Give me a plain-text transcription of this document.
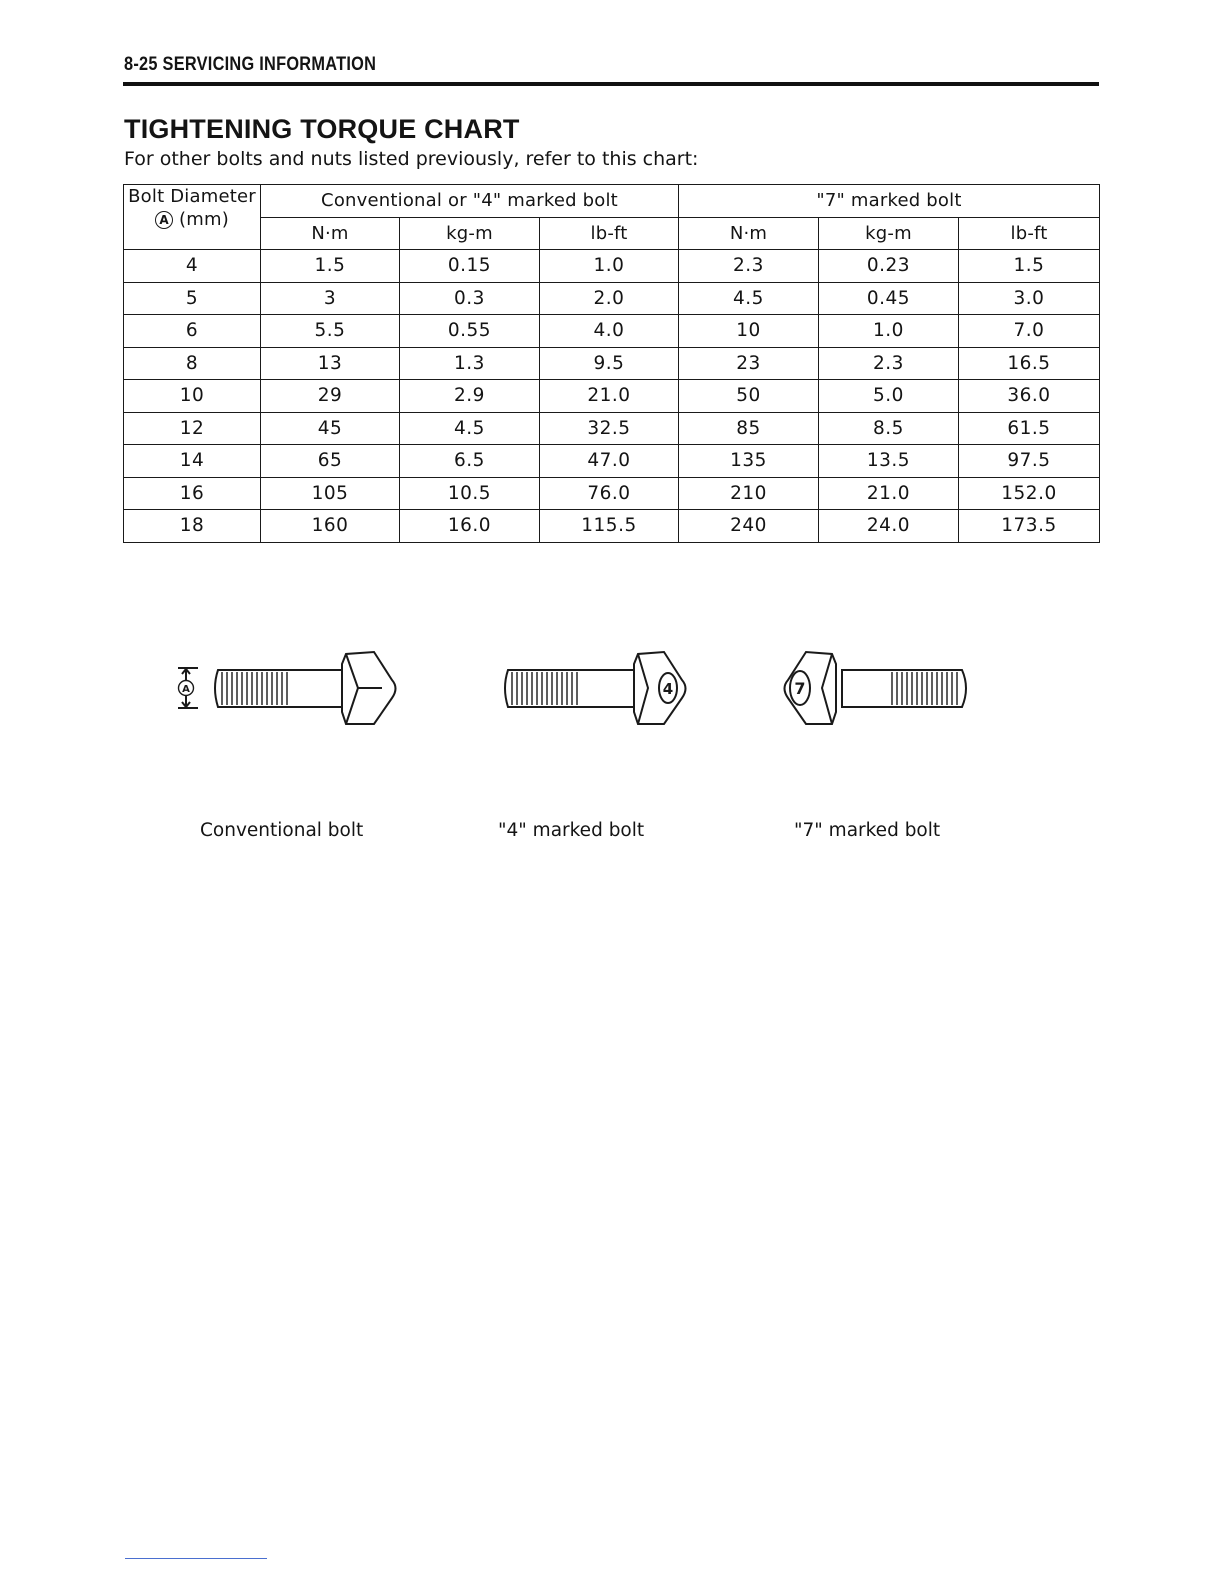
8-25 SERVICING INFORMATION
TIGHTENING TORQUE CHART
For other bolts and nuts listed previously, refer to this chart:
Bolt Diameter
A (mm)	Conventional or "4" marked bolt			"7" marked bolt		
	N·m	kg-m	lb-ft	N·m	kg-m	lb-ft
4	1.5	0.15	1.0	2.3	0.23	1.5
5	3	0.3	2.0	4.5	0.45	3.0
6	5.5	0.55	4.0	10	1.0	7.0
8	13	1.3	9.5	23	2.3	16.5
10	29	2.9	21.0	50	5.0	36.0
12	45	4.5	32.5	85	8.5	61.5
14	65	6.5	47.0	135	13.5	97.5
16	105	10.5	76.0	210	21.0	152.0
18	160	16.0	115.5	240	24.0	173.5
A	4	7
Conventional bolt	"4" marked bolt	"7" marked bolt
